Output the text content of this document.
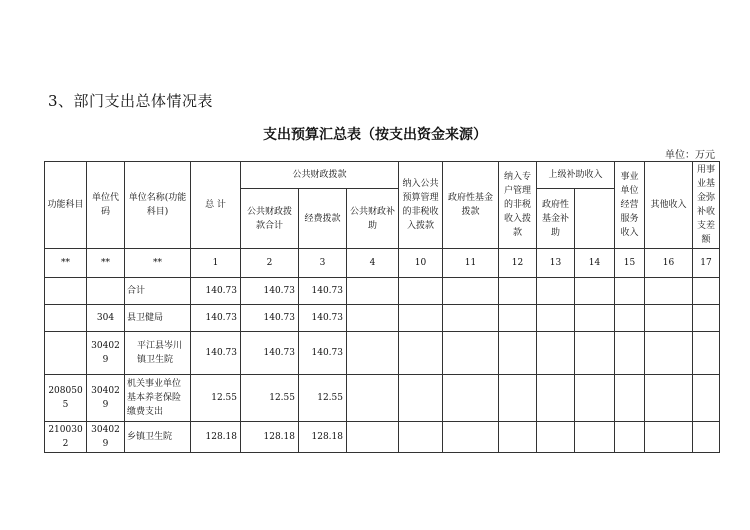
3、部门支出总体情况表
支出预算汇总表（按支出资金来源）
单位：万元
功能科目	单位代码	单位名称(功能科目)	总 计	公共财政拨款			纳入公共预算管理的非税收入拨款	政府性基金拨款	纳入专户管理的非税收入拨款	上级补助收入		事业单位经营服务收入	其他收入	用事业基金弥补收支差额	
				公共财政拨款合计	经费拨款	公共财政补助				政府性基金补助					
**	**	**	1	2	3	4	10	11	12	13	14	15	16	17	
		合计	140.73	140.73	140.73										
	304	县卫健局	140.73	140.73	140.73										
	304029	平江县岑川镇卫生院	140.73	140.73	140.73										
2080505	304029	机关事业单位基本养老保险缴费支出	12.55	12.55	12.55										
2100302	304029	乡镇卫生院	128.18	128.18	128.18										
